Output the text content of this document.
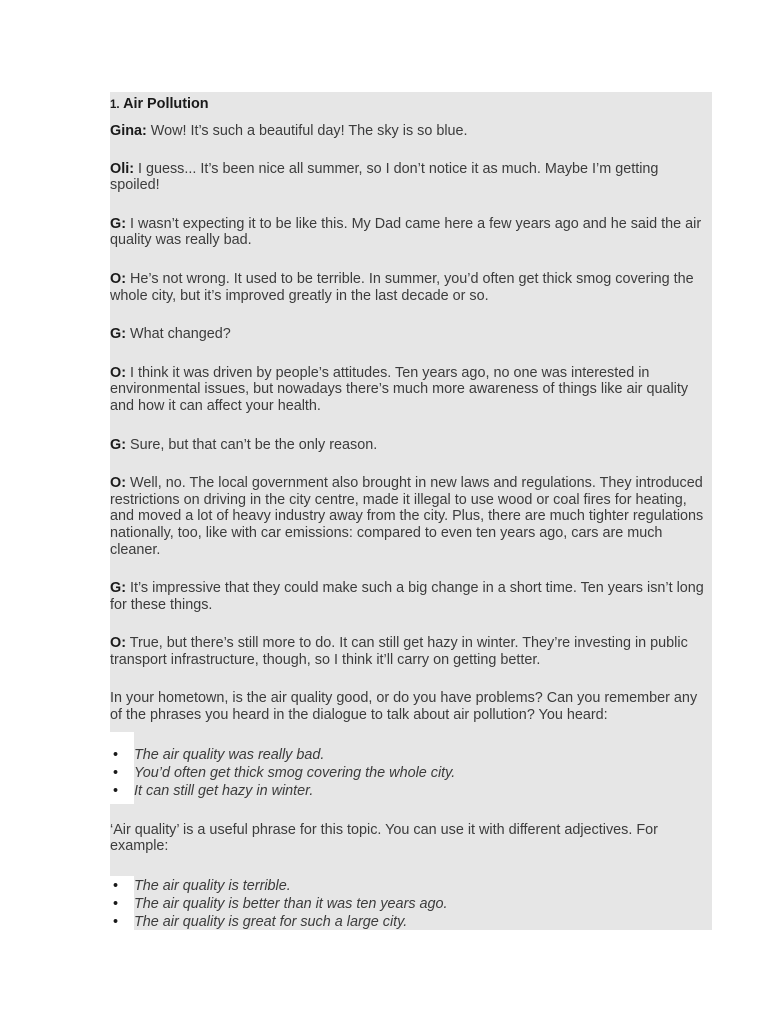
1. Air Pollution

Gina: Wow! It’s such a beautiful day! The sky is so blue.

Oli: I guess... It’s been nice all summer, so I don’t notice it as much. Maybe I’m getting spoiled!

G: I wasn’t expecting it to be like this. My Dad came here a few years ago and he said the air quality was really bad.

O: He’s not wrong. It used to be terrible. In summer, you’d often get thick smog covering the whole city, but it’s improved greatly in the last decade or so.

G: What changed?

O: I think it was driven by people’s attitudes. Ten years ago, no one was interested in environmental issues, but nowadays there’s much more awareness of things like air quality and how it can affect your health.

G: Sure, but that can’t be the only reason.

O: Well, no. The local government also brought in new laws and regulations. They introduced restrictions on driving in the city centre, made it illegal to use wood or coal fires for heating, and moved a lot of heavy industry away from the city. Plus, there are much tighter regulations nationally, too, like with car emissions: compared to even ten years ago, cars are much cleaner.

G: It’s impressive that they could make such a big change in a short time. Ten years isn’t long for these things.

O: True, but there’s still more to do. It can still get hazy in winter. They’re investing in public transport infrastructure, though, so I think it’ll carry on getting better.

In your hometown, is the air quality good, or do you have problems? Can you remember any of the phrases you heard in the dialogue to talk about air pollution? You heard:

• The air quality was really bad.
• You’d often get thick smog covering the whole city.
• It can still get hazy in winter.

‘Air quality’ is a useful phrase for this topic. You can use it with different adjectives. For example:

• The air quality is terrible.
• The air quality is better than it was ten years ago.
• The air quality is great for such a large city.
